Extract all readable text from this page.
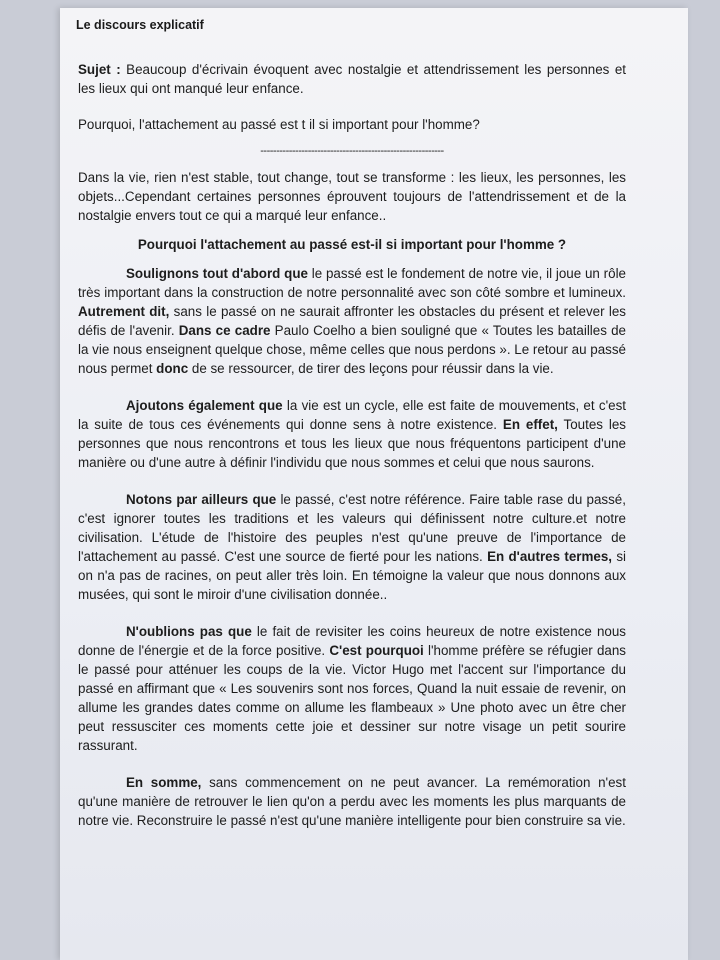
Le discours explicatif

Sujet : Beaucoup d'écrivain évoquent avec nostalgie et attendrissement les personnes et les lieux qui ont manqué leur enfance.

Pourquoi, l'attachement au passé est t il si important pour l'homme?

----------------------------------------------------------

Dans la vie, rien n'est stable, tout change, tout se transforme : les lieux, les personnes, les objets...Cependant certaines personnes éprouvent toujours de l'attendrissement et de la nostalgie envers tout ce qui a marqué leur enfance..

Pourquoi l'attachement au passé est-il si important pour l'homme ?

Soulignons tout d'abord que le passé est le fondement de notre vie, il joue un rôle très important dans la construction de notre personnalité avec son côté sombre et lumineux. Autrement dit, sans le passé on ne saurait affronter les obstacles du présent et relever les défis de l'avenir. Dans ce cadre Paulo Coelho a bien souligné que « Toutes les batailles de la vie nous enseignent quelque chose, même celles que nous perdons ». Le retour au passé nous permet donc de se ressourcer, de tirer des leçons pour réussir dans la vie.

Ajoutons également que la vie est un cycle, elle est faite de mouvements, et c'est la suite de tous ces événements qui donne sens à notre existence. En effet, Toutes les personnes que nous rencontrons et tous les lieux que nous fréquentons participent d'une manière ou d'une autre à définir l'individu que nous sommes et celui que nous saurons.

Notons par ailleurs que le passé, c'est notre référence. Faire table rase du passé, c'est ignorer toutes les traditions et les valeurs qui définissent notre culture.et notre civilisation. L'étude de l'histoire des peuples n'est qu'une preuve de l'importance de l'attachement au passé. C'est une source de fierté pour les nations. En d'autres termes, si on n'a pas de racines, on peut aller très loin. En témoigne la valeur que nous donnons aux musées, qui sont le miroir d'une civilisation donnée..

N'oublions pas que le fait de revisiter les coins heureux de notre existence nous donne de l'énergie et de la force positive. C'est pourquoi l'homme préfère se réfugier dans le passé pour atténuer les coups de la vie. Victor Hugo met l'accent sur l'importance du passé en affirmant que « Les souvenirs sont nos forces, Quand la nuit essaie de revenir, on allume les grandes dates comme on allume les flambeaux » Une photo avec un être cher peut ressusciter ces moments cette joie et dessiner sur notre visage un petit sourire rassurant.

En somme, sans commencement on ne peut avancer. La remémoration n'est qu'une manière de retrouver le lien qu'on a perdu avec les moments les plus marquants de notre vie. Reconstruire le passé n'est qu'une manière intelligente pour bien construire sa vie.
